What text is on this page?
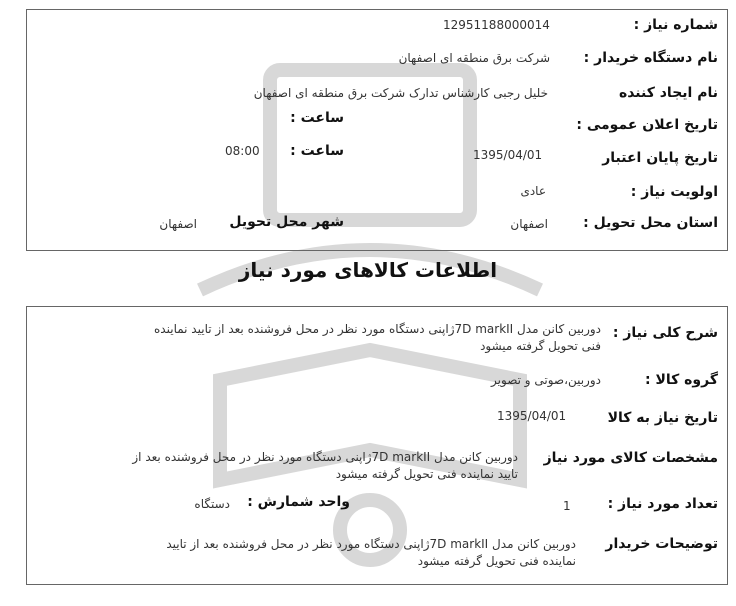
شماره نیاز :
12951188000014
نام دستگاه خریدار :
شرکت برق منطقه ای اصفهان
نام ایجاد کننده
خلیل رجبی کارشناس تدارک شرکت برق منطقه ای اصفهان
تاریخ اعلان عمومی :
ساعت :
تاریخ پایان اعتبار
1395/04/01
ساعت :
08:00
اولویت نیاز :
عادی
استان محل تحویل :
اصفهان
شهر محل تحویل
اصفهان
اطلاعات کالاهای مورد نیاز
شرح کلی نیاز :
دوربین کانن مدل 7D markIIژاپنی دستگاه مورد نظر در محل فروشنده بعد از تایید نماینده
فنی تحویل گرفته میشود
گروه کالا :
دوربین،صوتی و تصویر
تاریخ نیاز به کالا
1395/04/01
مشخصات کالای مورد نیاز
دوربین کانن مدل 7D markIIژاپنی دستگاه مورد نظر در محل فروشنده بعد از
تایید نماینده فنی تحویل گرفته میشود
تعداد مورد نیاز :
1
واحد شمارش :
دستگاه
توضیحات خریدار
دوربین کانن مدل 7D markIIژاپنی دستگاه مورد نظر در محل فروشنده بعد از تایید
نماینده فنی تحویل گرفته میشود
